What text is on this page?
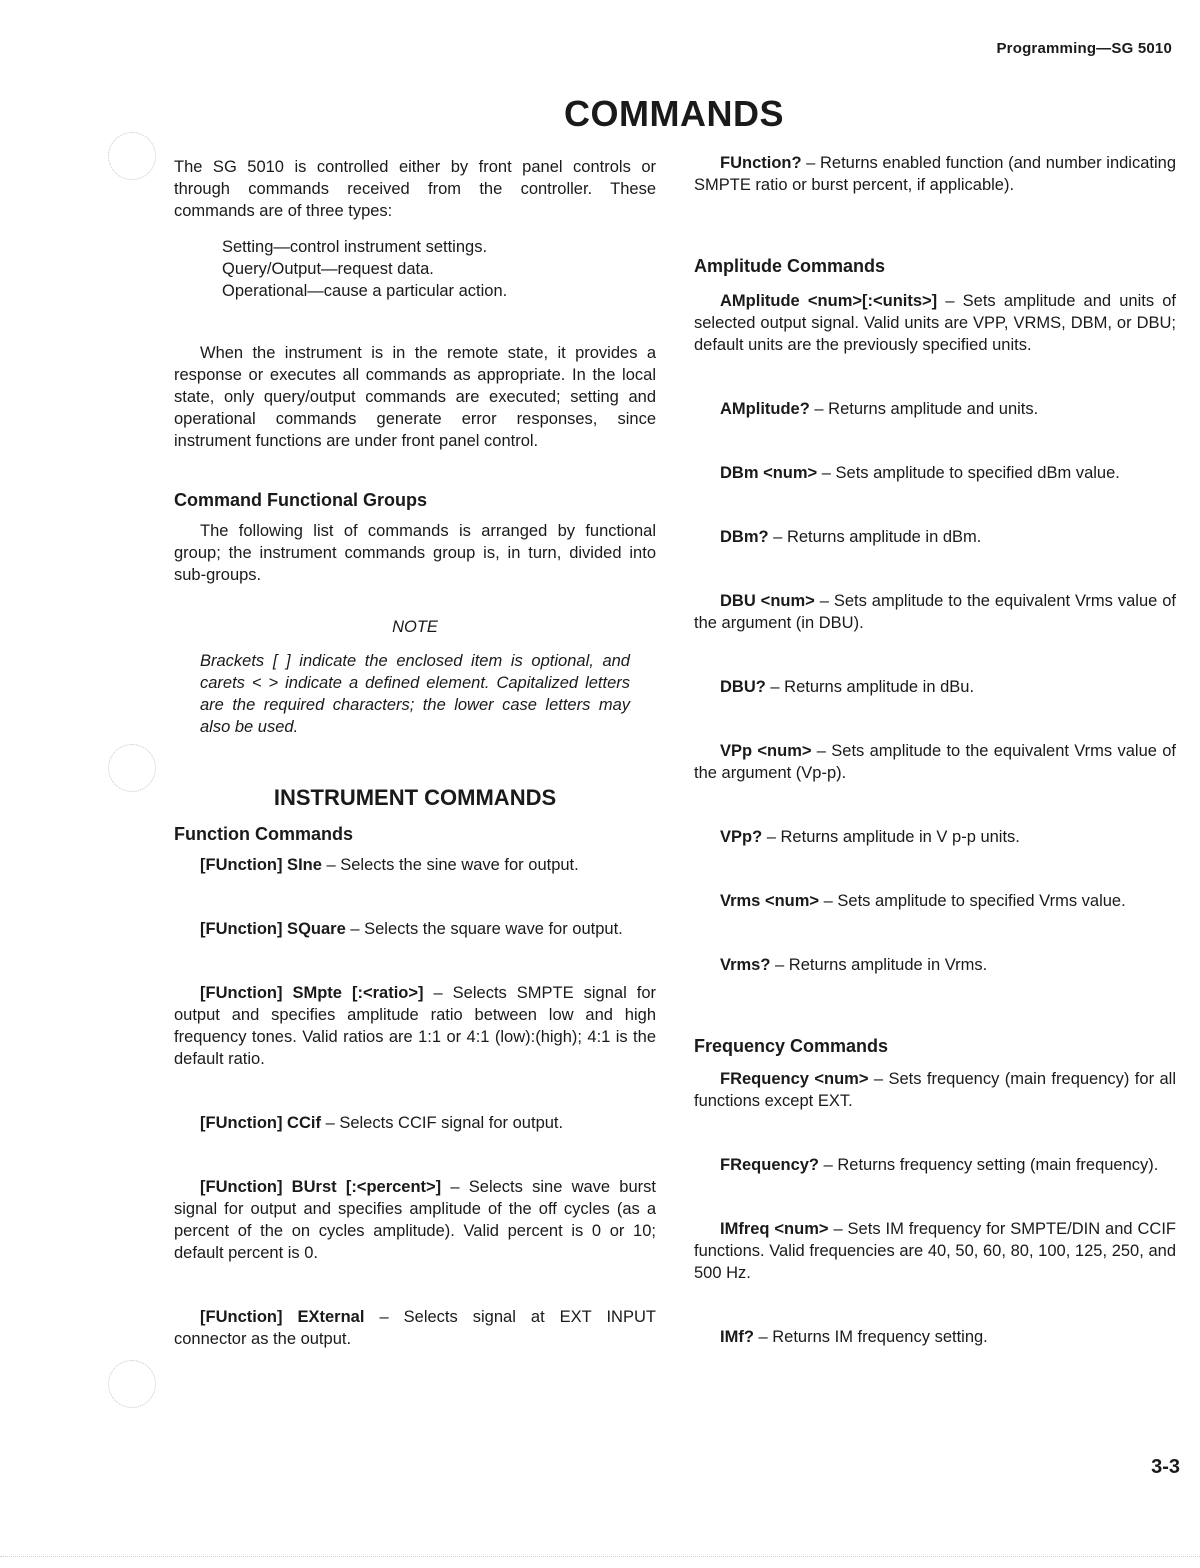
Programming—SG 5010
COMMANDS

The SG 5010 is controlled either by front panel controls or through commands received from the controller. These commands are of three types:

Setting—control instrument settings.
Query/Output—request data.
Operational—cause a particular action.

When the instrument is in the remote state, it provides a response or executes all commands as appropriate. In the local state, only query/output commands are executed; setting and operational commands generate error responses, since instrument functions are under front panel control.

Command Functional Groups

The following list of commands is arranged by functional group; the instrument commands group is, in turn, divided into sub-groups.

NOTE

Brackets [ ] indicate the enclosed item is optional, and carets < > indicate a defined element. Capitalized letters are the required characters; the lower case letters may also be used.

INSTRUMENT COMMANDS
Function Commands

[FUnction] SIne – Selects the sine wave for output.

[FUnction] SQuare – Selects the square wave for output.

[FUnction] SMpte [:<ratio>] – Selects SMPTE signal for output and specifies amplitude ratio between low and high frequency tones. Valid ratios are 1:1 or 4:1 (low):(high); 4:1 is the default ratio.

[FUnction] CCif – Selects CCIF signal for output.

[FUnction] BUrst [:<percent>] – Selects sine wave burst signal for output and specifies amplitude of the off cycles (as a percent of the on cycles amplitude). Valid percent is 0 or 10; default percent is 0.

[FUnction] EXternal – Selects signal at EXT INPUT connector as the output.

FUnction? – Returns enabled function (and number indicating SMPTE ratio or burst percent, if applicable).

Amplitude Commands

AMplitude <num>[:<units>] – Sets amplitude and units of selected output signal. Valid units are VPP, VRMS, DBM, or DBU; default units are the previously specified units.

AMplitude? – Returns amplitude and units.

DBm <num> – Sets amplitude to specified dBm value.

DBm? – Returns amplitude in dBm.

DBU <num> – Sets amplitude to the equivalent Vrms value of the argument (in DBU).

DBU? – Returns amplitude in dBu.

VPp <num> – Sets amplitude to the equivalent Vrms value of the argument (Vp-p).

VPp? – Returns amplitude in V p-p units.

Vrms <num> – Sets amplitude to specified Vrms value.

Vrms? – Returns amplitude in Vrms.

Frequency Commands

FRequency <num> – Sets frequency (main frequency) for all functions except EXT.

FRequency? – Returns frequency setting (main frequency).

IMfreq <num> – Sets IM frequency for SMPTE/DIN and CCIF functions. Valid frequencies are 40, 50, 60, 80, 100, 125, 250, and 500 Hz.

IMf? – Returns IM frequency setting.

3-3
